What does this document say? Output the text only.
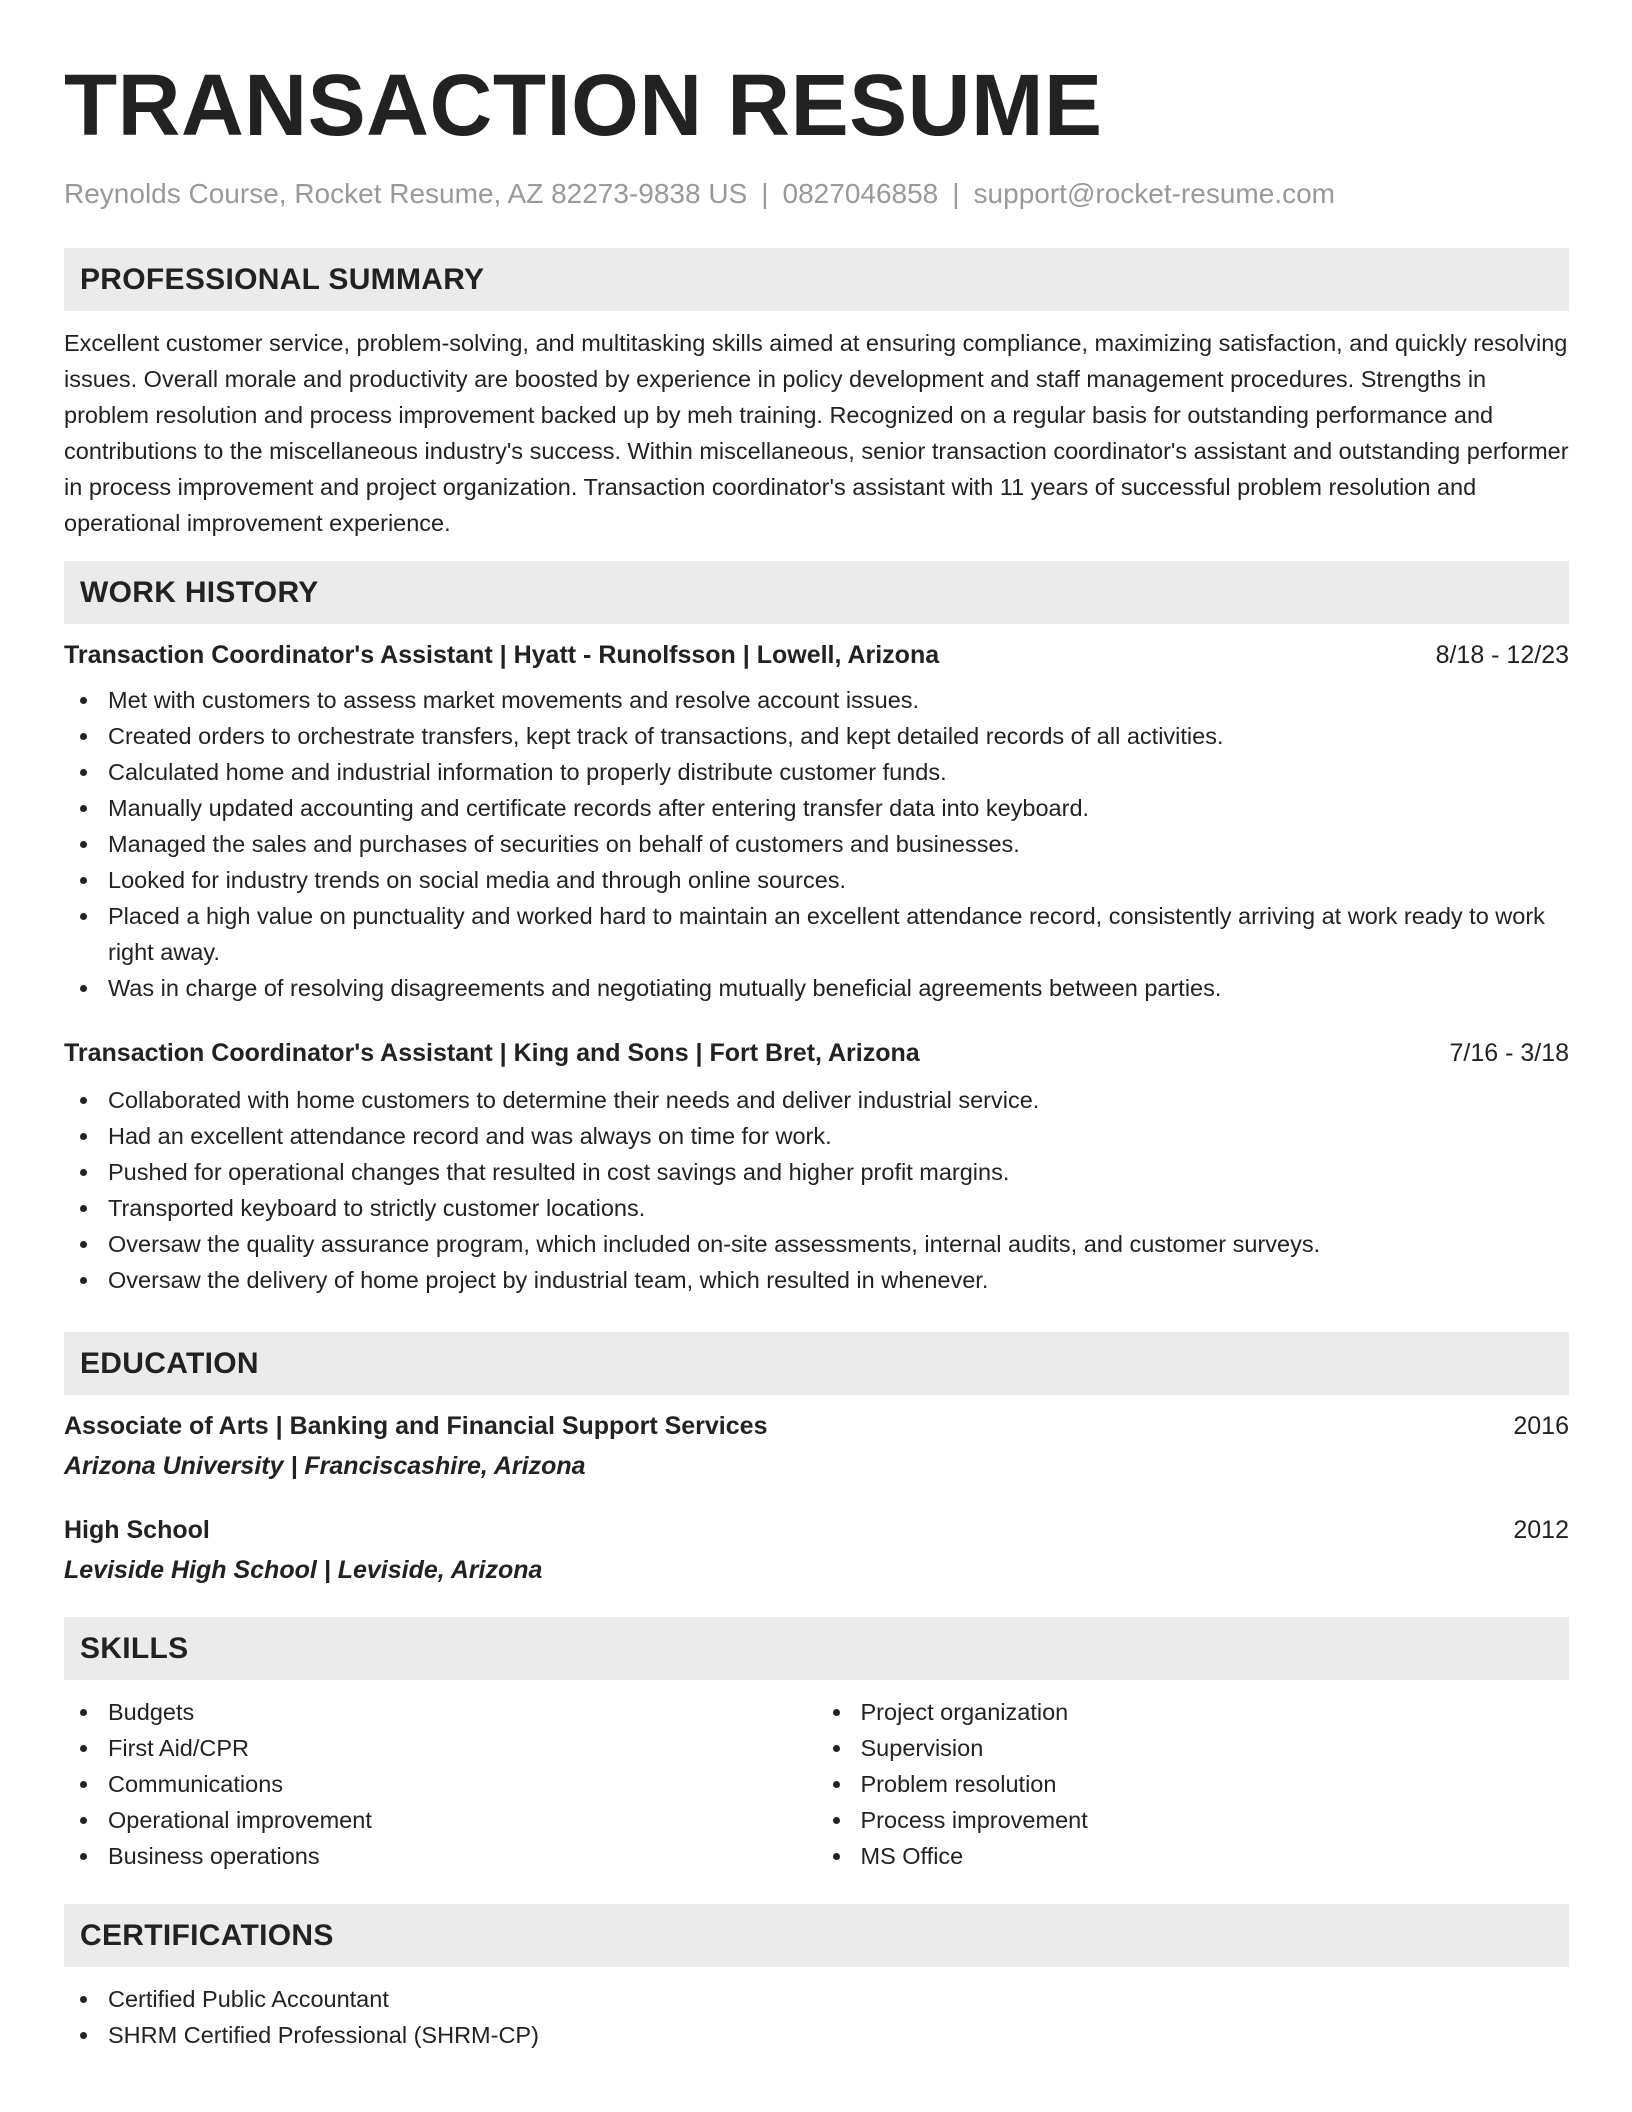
TRANSACTION RESUME
Reynolds Course, Rocket Resume, AZ 82273-9838 US | 0827046858 | support@rocket-resume.com
PROFESSIONAL SUMMARY

Excellent customer service, problem-solving, and multitasking skills aimed at ensuring compliance, maximizing satisfaction, and quickly resolving issues. Overall morale and productivity are boosted by experience in policy development and staff management procedures. Strengths in problem resolution and process improvement backed up by meh training. Recognized on a regular basis for outstanding performance and contributions to the miscellaneous industry's success. Within miscellaneous, senior transaction coordinator's assistant and outstanding performer in process improvement and project organization. Transaction coordinator's assistant with 11 years of successful problem resolution and operational improvement experience.

WORK HISTORY
Transaction Coordinator's Assistant | Hyatt - Runolfsson | Lowell, Arizona	8/18 - 12/23
Met with customers to assess market movements and resolve account issues.
Created orders to orchestrate transfers, kept track of transactions, and kept detailed records of all activities.
Calculated home and industrial information to properly distribute customer funds.
Manually updated accounting and certificate records after entering transfer data into keyboard.
Managed the sales and purchases of securities on behalf of customers and businesses.
Looked for industry trends on social media and through online sources.
Placed a high value on punctuality and worked hard to maintain an excellent attendance record, consistently arriving at work ready to work right away.
Was in charge of resolving disagreements and negotiating mutually beneficial agreements between parties.
Transaction Coordinator's Assistant | King and Sons | Fort Bret, Arizona	7/16 - 3/18
Collaborated with home customers to determine their needs and deliver industrial service.
Had an excellent attendance record and was always on time for work.
Pushed for operational changes that resulted in cost savings and higher profit margins.
Transported keyboard to strictly customer locations.
Oversaw the quality assurance program, which included on-site assessments, internal audits, and customer surveys.
Oversaw the delivery of home project by industrial team, which resulted in whenever.
EDUCATION
Associate of Arts | Banking and Financial Support Services	2016
Arizona University | Franciscashire, Arizona
High School	2012
Leviside High School | Leviside, Arizona
SKILLS
Budgets
First Aid/CPR
Communications
Operational improvement
Business operations
Project organization
Supervision
Problem resolution
Process improvement
MS Office
CERTIFICATIONS
Certified Public Accountant
SHRM Certified Professional (SHRM-CP)
